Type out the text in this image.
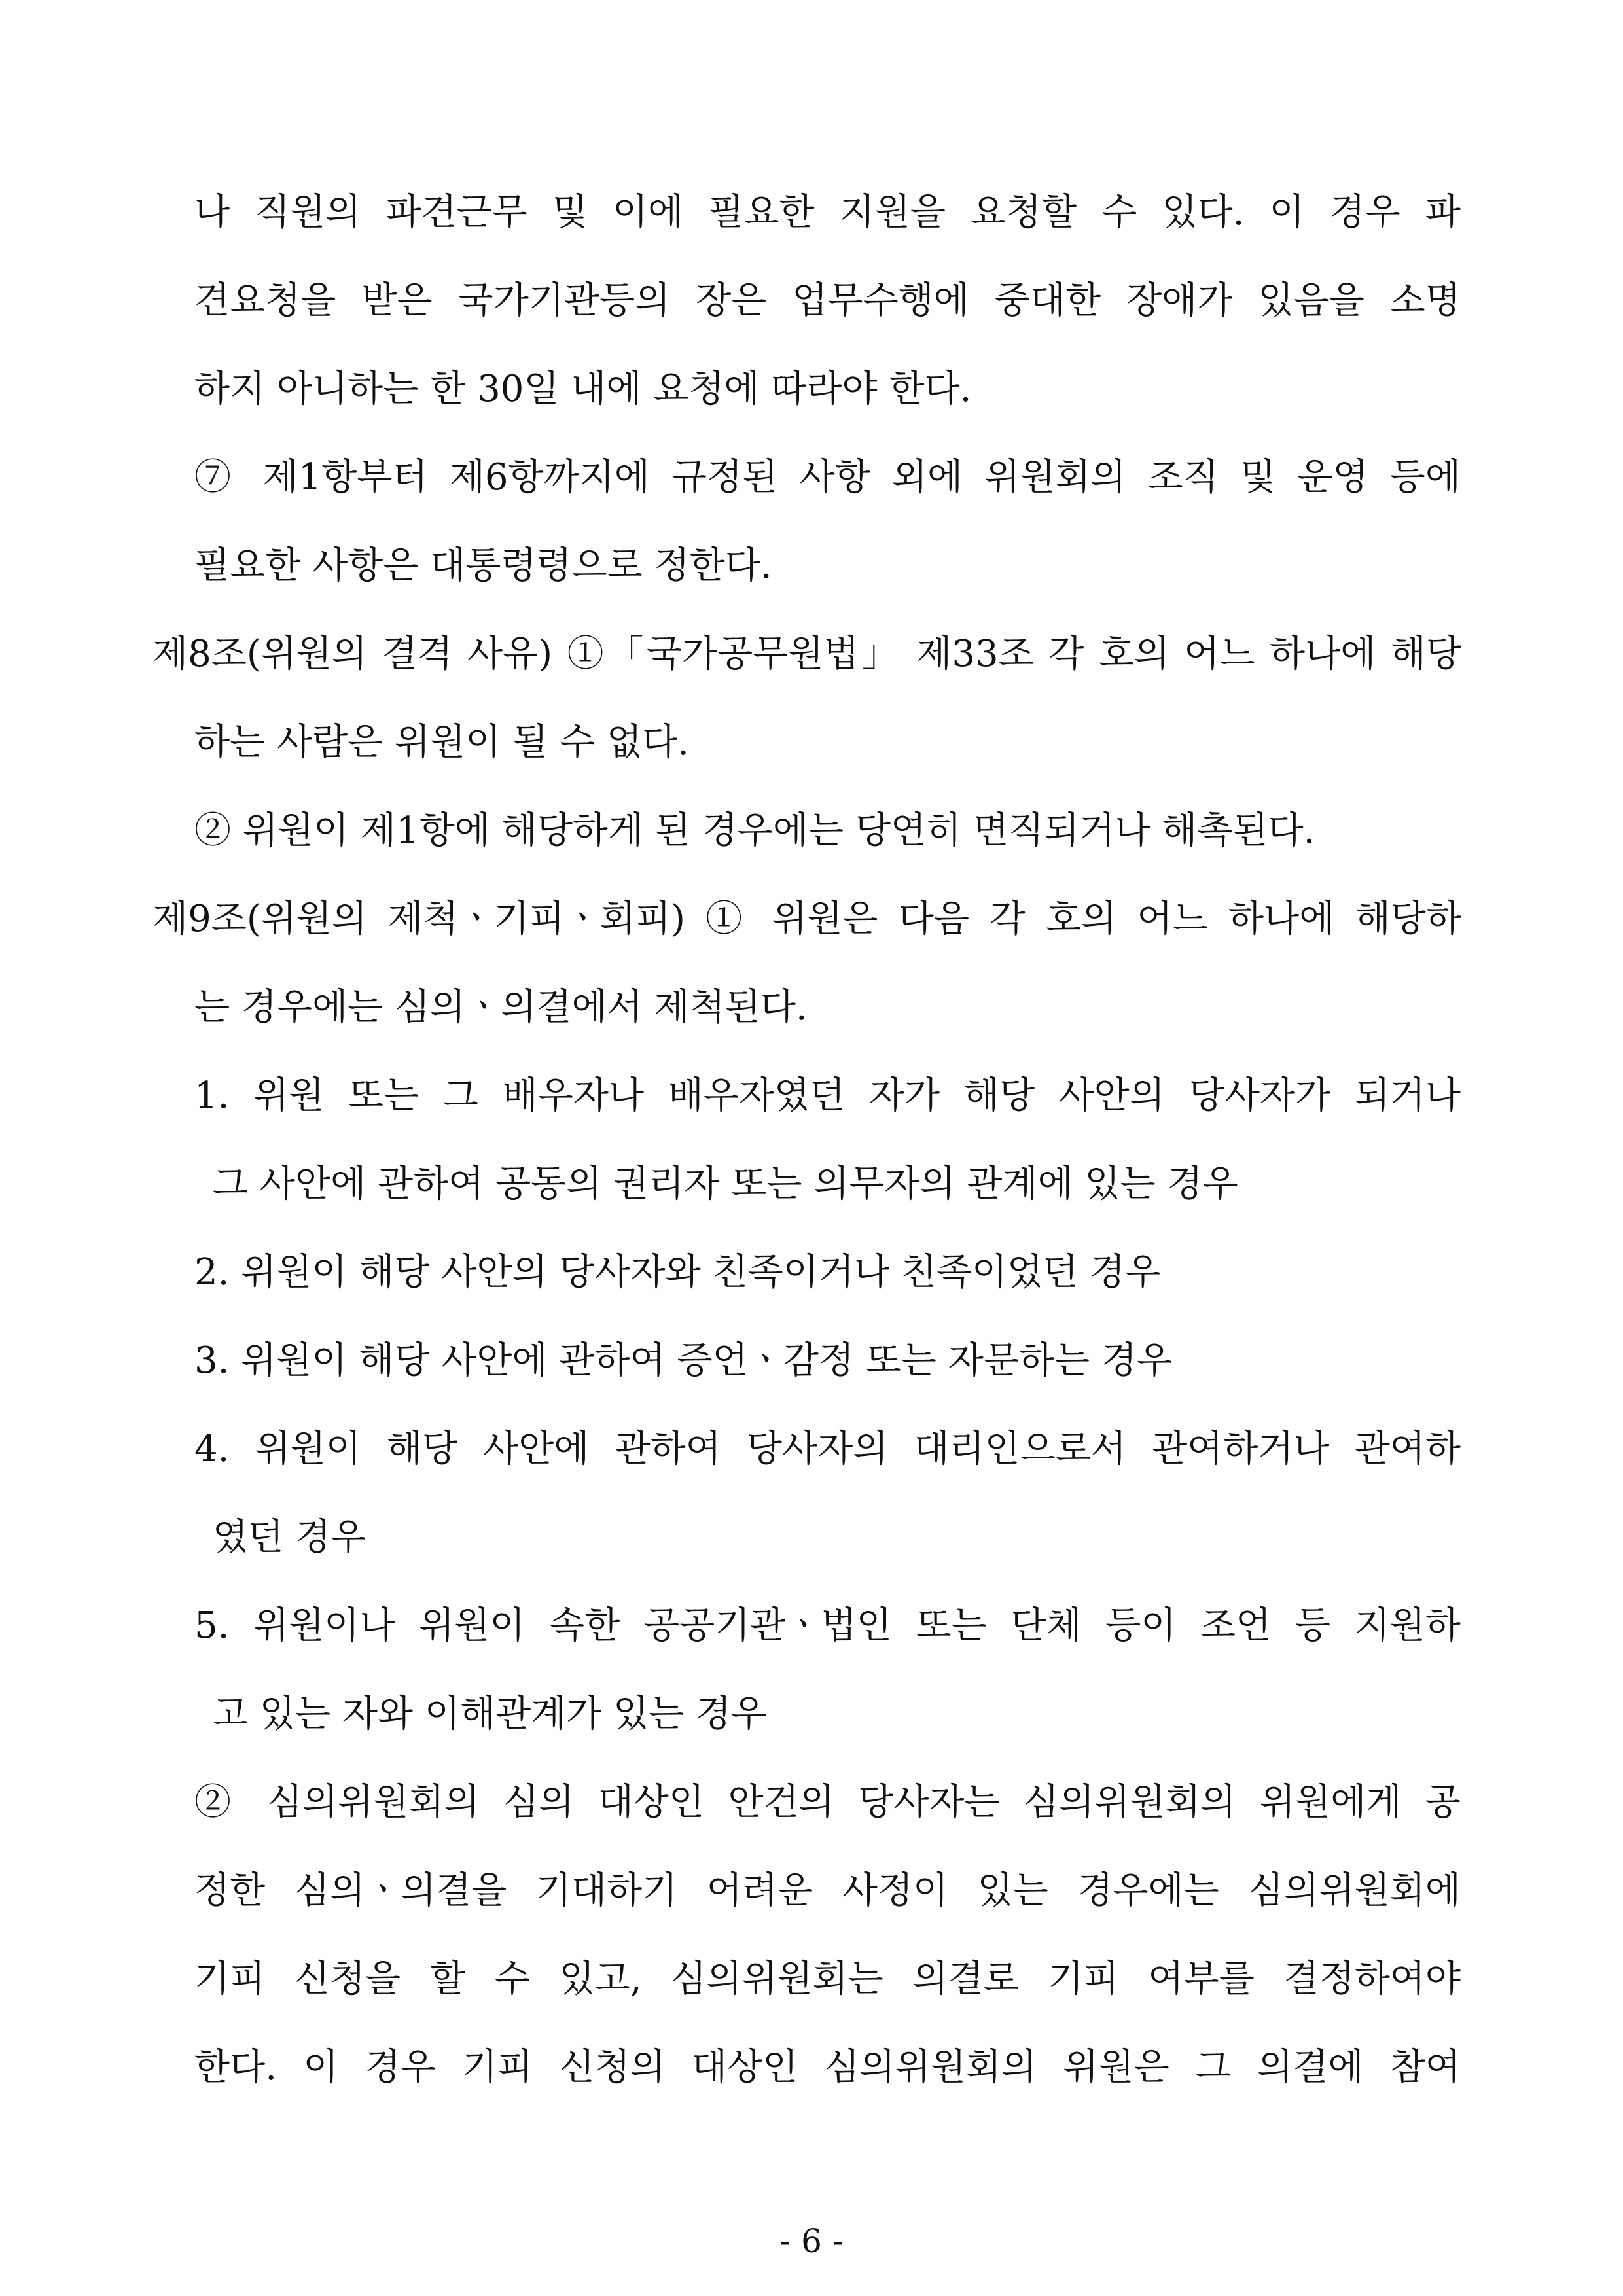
나 직원의 파견근무 및 이에 필요한 지원을 요청할 수 있다. 이 경우 파
견요청을 받은 국가기관등의 장은 업무수행에 중대한 장애가 있음을 소명
하지 아니하는 한 30일 내에 요청에 따라야 한다.
⑦ 제1항부터 제6항까지에 규정된 사항 외에 위원회의 조직 및 운영 등에
필요한 사항은 대통령령으로 정한다.
제8조(위원의 결격 사유) ①「국가공무원법」 제33조 각 호의 어느 하나에 해당
하는 사람은 위원이 될 수 없다.
② 위원이 제1항에 해당하게 된 경우에는 당연히 면직되거나 해촉된다.
제9조(위원의 제척ㆍ기피ㆍ회피) ① 위원은 다음 각 호의 어느 하나에 해당하
는 경우에는 심의ㆍ의결에서 제척된다.
1. 위원 또는 그 배우자나 배우자였던 자가 해당 사안의 당사자가 되거나
그 사안에 관하여 공동의 권리자 또는 의무자의 관계에 있는 경우
2. 위원이 해당 사안의 당사자와 친족이거나 친족이었던 경우
3. 위원이 해당 사안에 관하여 증언ㆍ감정 또는 자문하는 경우
4. 위원이 해당 사안에 관하여 당사자의 대리인으로서 관여하거나 관여하
였던 경우
5. 위원이나 위원이 속한 공공기관ㆍ법인 또는 단체 등이 조언 등 지원하
고 있는 자와 이해관계가 있는 경우
② 심의위원회의 심의 대상인 안건의 당사자는 심의위원회의 위원에게 공
정한 심의ㆍ의결을 기대하기 어려운 사정이 있는 경우에는 심의위원회에
기피 신청을 할 수 있고, 심의위원회는 의결로 기피 여부를 결정하여야
한다. 이 경우 기피 신청의 대상인 심의위원회의 위원은 그 의결에 참여
- 6 -
